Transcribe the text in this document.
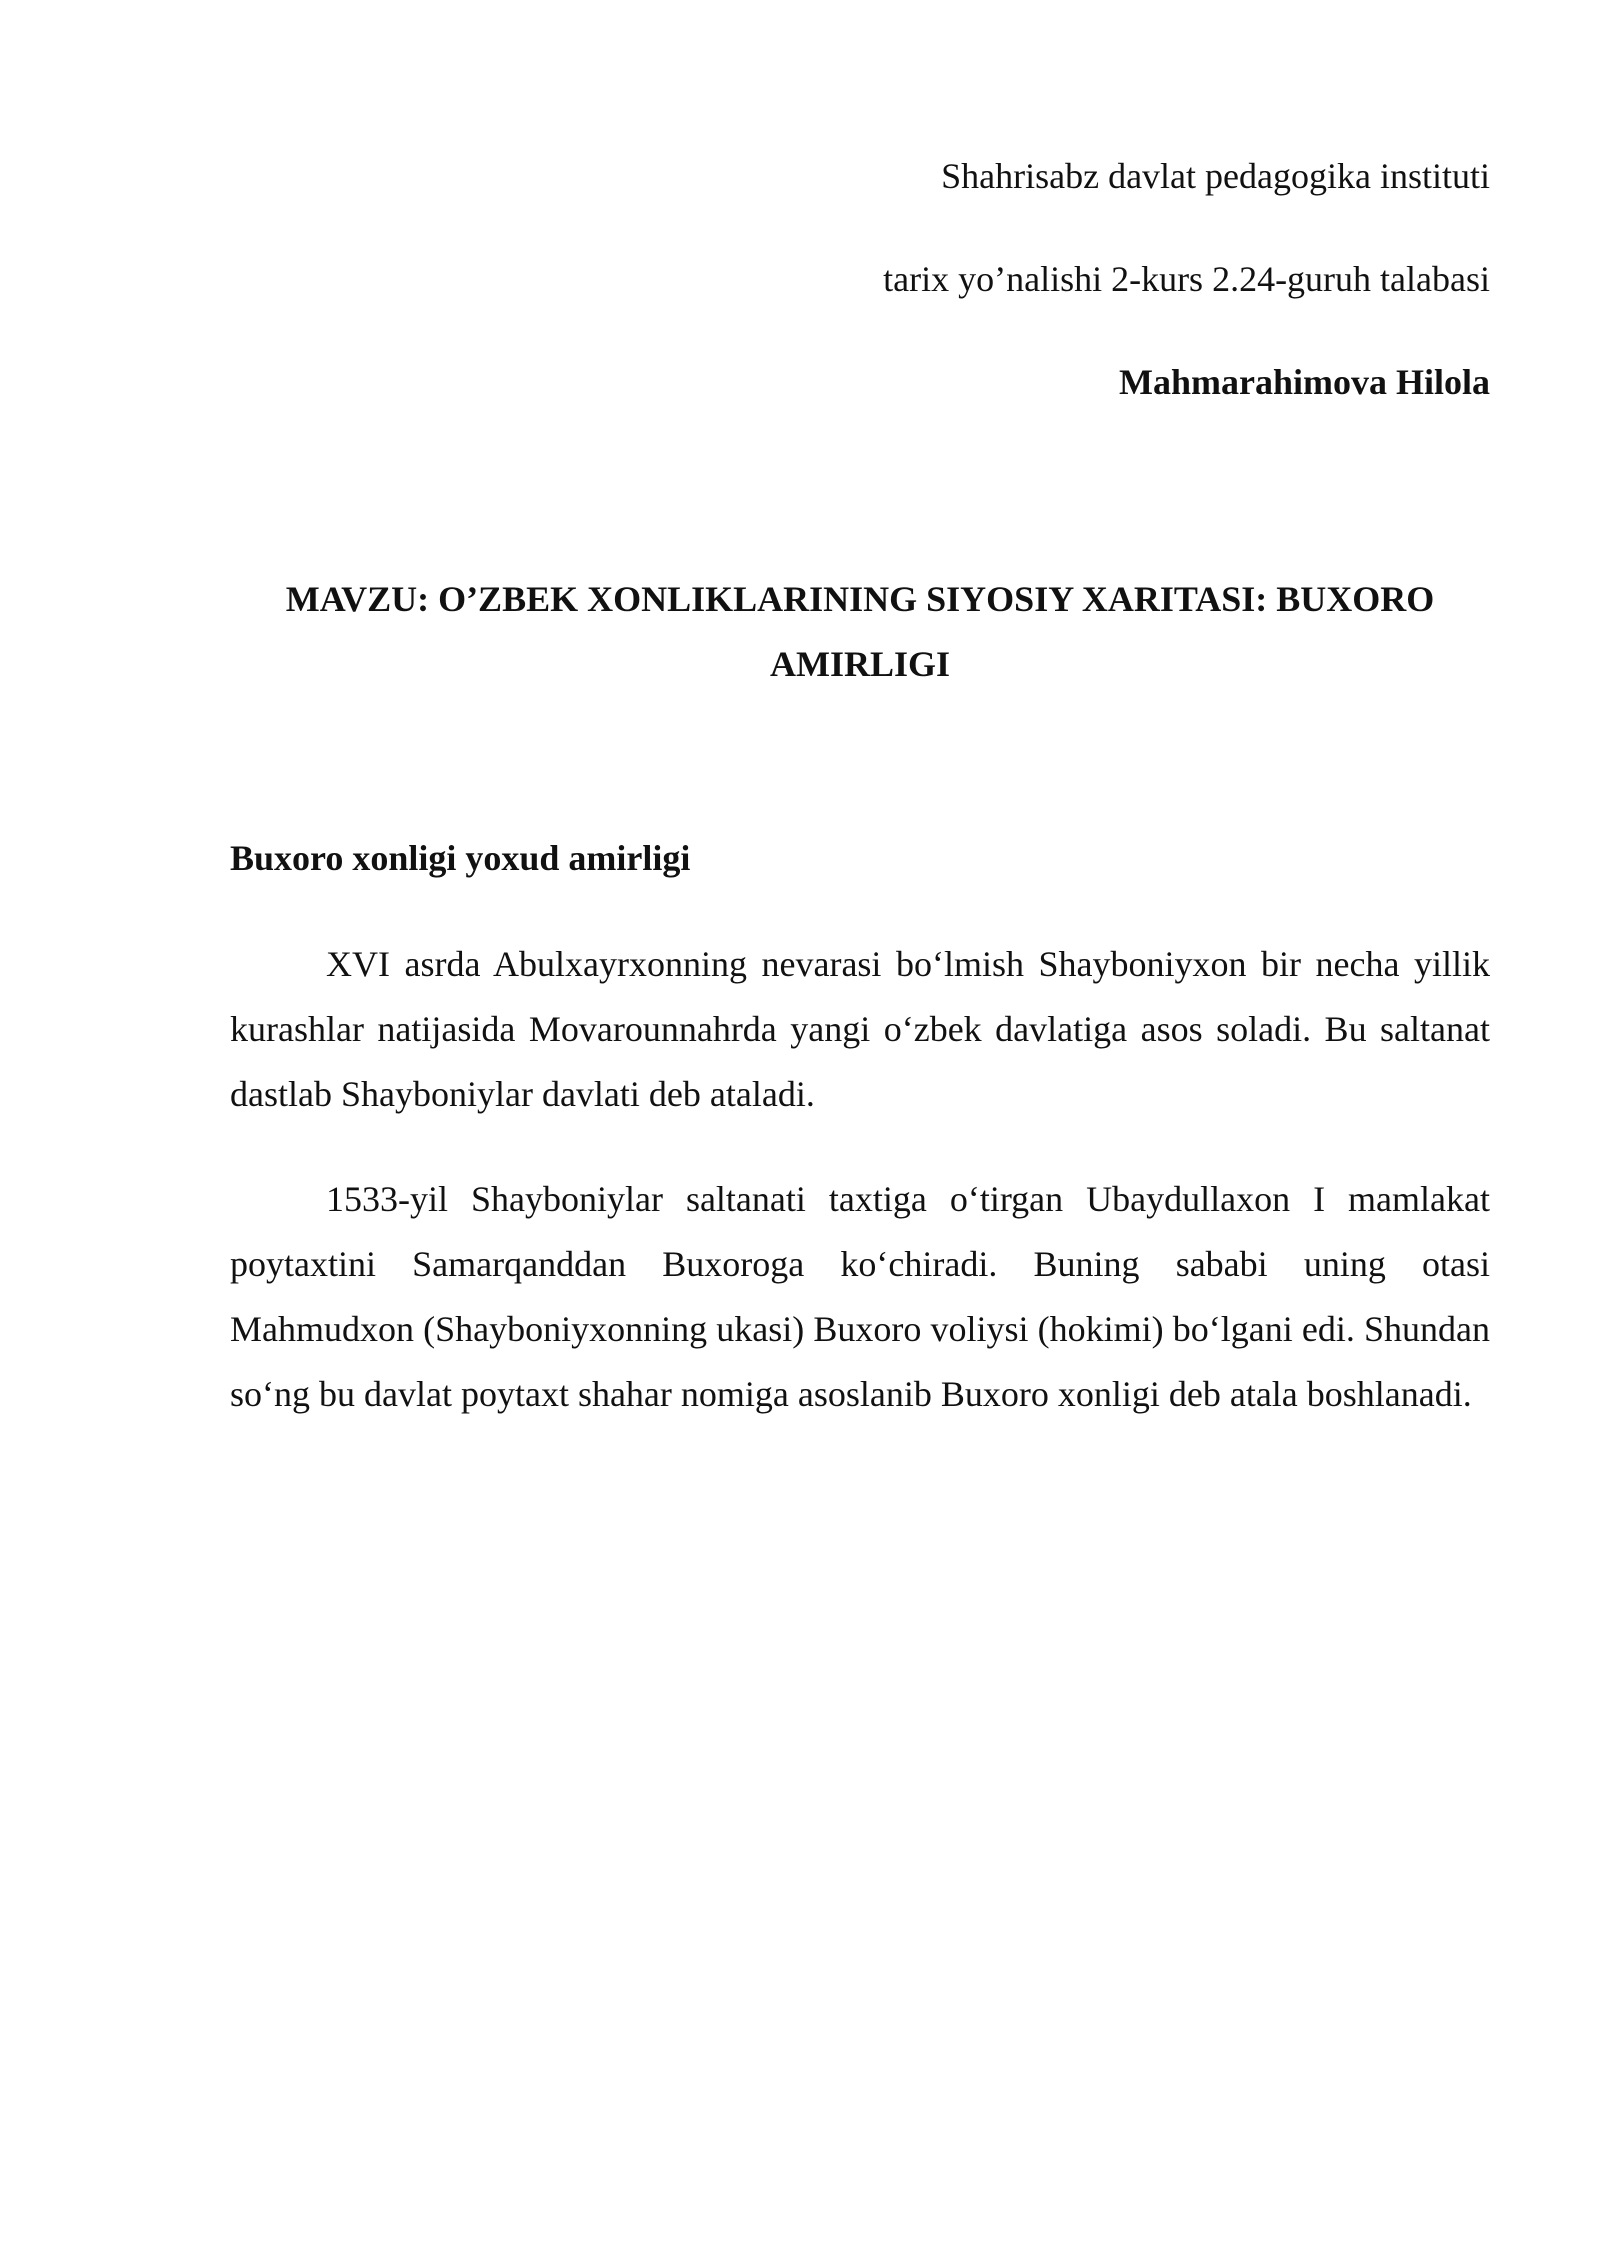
Shahrisabz davlat pedagogika instituti
tarix yo’nalishi 2-kurs 2.24-guruh talabasi
Mahmarahimova Hilola
MAVZU: O’ZBEK XONLIKLARINING SIYOSIY XARITASI: BUXORO AMIRLIGI
Buxoro xonligi yoxud amirligi

XVI asrda Abulxayrxonning nevarasi bo‘lmish Shayboniyxon bir necha yillik kurashlar natijasida Movarounnahrda yangi o‘zbek davlatiga asos soladi. Bu saltanat dastlab Shayboniylar davlati deb ataladi.

1533-yil Shayboniylar saltanati taxtiga o‘tirgan Ubaydullaxon I mamlakat poytaxtini Samarqanddan Buxoroga ko‘chiradi. Buning sababi uning otasi Mahmudxon (Shayboniyxonning ukasi) Buxoro voliysi (hokimi) bo‘lgani edi. Shundan so‘ng bu davlat poytaxt shahar nomiga asoslanib Buxoro xonligi deb atala boshlanadi.
